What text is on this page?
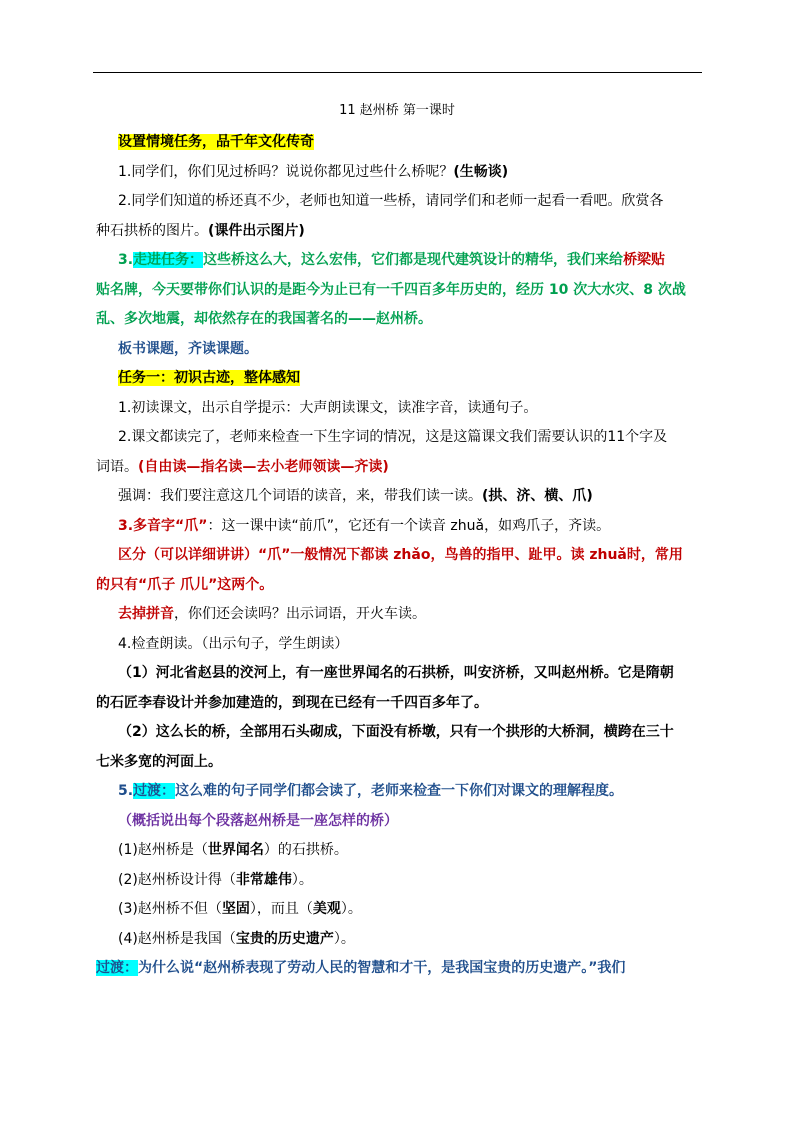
11 赵州桥 第一课时
设置情境任务，品千年文化传奇
1.同学们，你们见过桥吗？说说你都见过些什么桥呢？(生畅谈)
2.同学们知道的桥还真不少，老师也知道一些桥，请同学们和老师一起看一看吧。欣赏各
种石拱桥的图片。(课件出示图片)
3.走进任务：这些桥这么大，这么宏伟，它们都是现代建筑设计的精华，我们来给桥梁贴
贴名牌，今天要带你们认识的是距今为止已有一千四百多年历史的，经历 10 次大水灾、8 次战
乱、多次地震，却依然存在的我国著名的——赵州桥。
板书课题，齐读课题。
任务一：初识古迹，整体感知
1.初读课文，出示自学提示：大声朗读课文，读准字音，读通句子。
2.课文都读完了，老师来检查一下生字词的情况，这是这篇课文我们需要认识的11个字及
词语。(自由读—指名读—去小老师领读—齐读)
强调：我们要注意这几个词语的读音，来，带我们读一读。(拱、济、横、爪)
3.多音字“爪”：这一课中读“前爪”，它还有一个读音 zhuǎ，如鸡爪子，齐读。
区分（可以详细讲讲）“爪”一般情况下都读 zhǎo，鸟兽的指甲、趾甲。读 zhuǎ时，常用
的只有“爪子 爪儿”这两个。
去掉拼音，你们还会读吗？出示词语，开火车读。
4.检查朗读。（出示句子，学生朗读）
（1）河北省赵县的洨河上，有一座世界闻名的石拱桥，叫安济桥，又叫赵州桥。它是隋朝
的石匠李春设计并参加建造的，到现在已经有一千四百多年了。
（2）这么长的桥，全部用石头砌成，下面没有桥墩，只有一个拱形的大桥洞，横跨在三十
七米多宽的河面上。
5.过渡：这么难的句子同学们都会读了，老师来检查一下你们对课文的理解程度。
（概括说出每个段落赵州桥是一座怎样的桥）
(1)赵州桥是（世界闻名）的石拱桥。
(2)赵州桥设计得（非常雄伟）。
(3)赵州桥不但（坚固），而且（美观）。
(4)赵州桥是我国（宝贵的历史遗产）。
过渡：为什么说“赵州桥表现了劳动人民的智慧和才干，是我国宝贵的历史遗产。”我们
